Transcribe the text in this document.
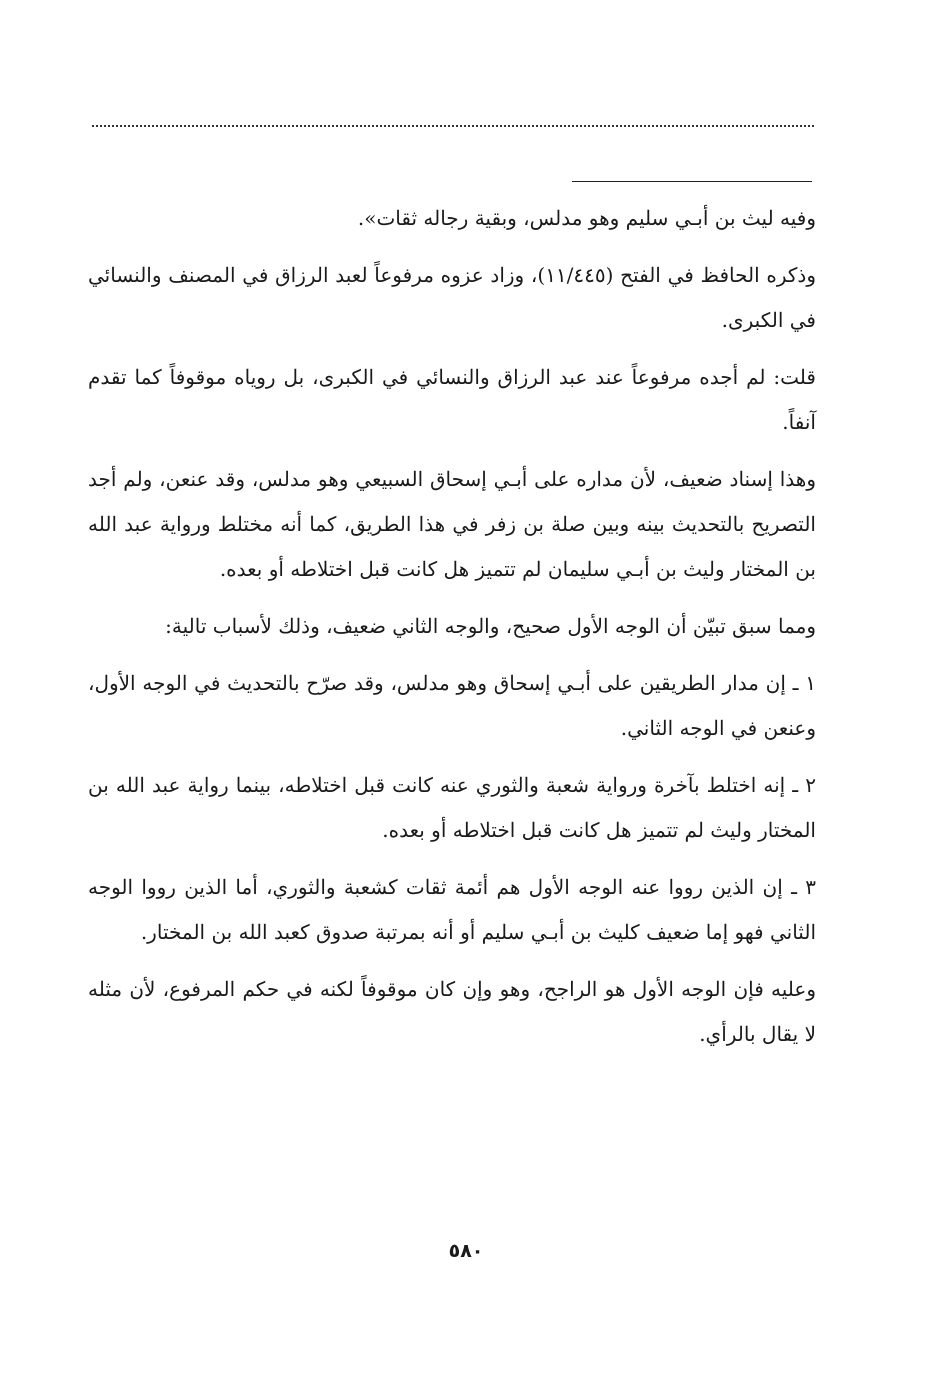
وفيه ليث بن أبـي سليم وهو مدلس، وبقية رجاله ثقات».

وذكره الحافظ في الفتح (١١/٤٤٥)، وزاد عزوه مرفوعاً لعبد الرزاق في المصنف والنسائي في الكبرى.

قلت: لم أجده مرفوعاً عند عبد الرزاق والنسائي في الكبرى، بل روياه موقوفاً كما تقدم آنفاً.

وهذا إسناد ضعيف، لأن مداره على أبـي إسحاق السبيعي وهو مدلس، وقد عنعن، ولم أجد التصريح بالتحديث بينه وبين صلة بن زفر في هذا الطريق، كما أنه مختلط ورواية عبد الله بن المختار وليث بن أبـي سليمان لم تتميز هل كانت قبل اختلاطه أو بعده.

ومما سبق تبيّن أن الوجه الأول صحيح، والوجه الثاني ضعيف، وذلك لأسباب تالية:

١ ـ إن مدار الطريقين على أبـي إسحاق وهو مدلس، وقد صرّح بالتحديث في الوجه الأول، وعنعن في الوجه الثاني.

٢ ـ إنه اختلط بآخرة ورواية شعبة والثوري عنه كانت قبل اختلاطه، بينما رواية عبد الله بن المختار وليث لم تتميز هل كانت قبل اختلاطه أو بعده.

٣ ـ إن الذين رووا عنه الوجه الأول هم أئمة ثقات كشعبة والثوري، أما الذين رووا الوجه الثاني فهو إما ضعيف كليث بن أبـي سليم أو أنه بمرتبة صدوق كعبد الله بن المختار.

وعليه فإن الوجه الأول هو الراجح، وهو وإن كان موقوفاً لكنه في حكم المرفوع، لأن مثله لا يقال بالرأي.

٥٨٠
